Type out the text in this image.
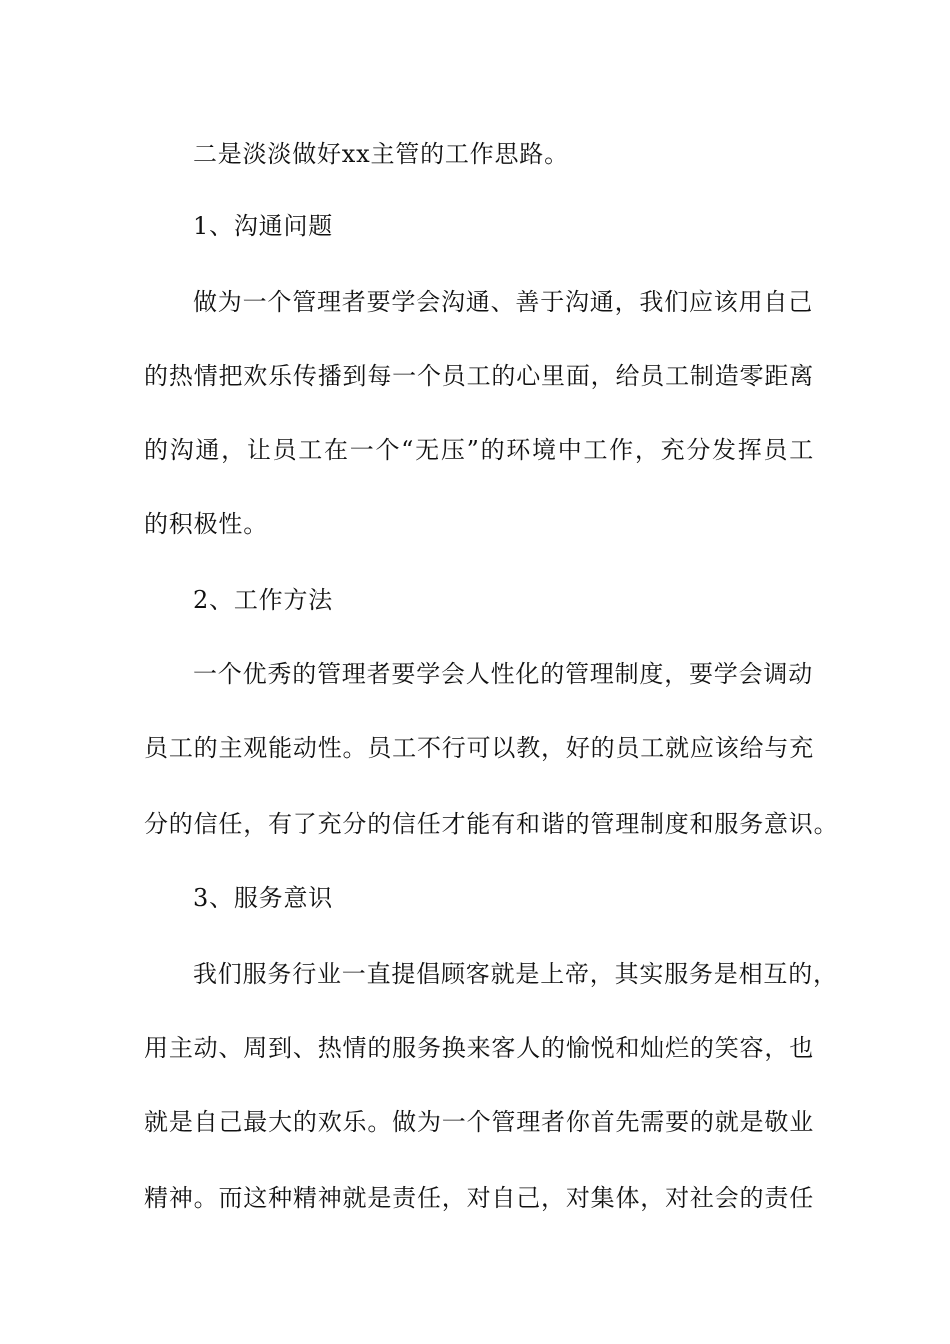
二是淡淡做好xx主管的工作思路。
1、沟通问题
做为一个管理者要学会沟通、善于沟通，我们应该用自己
的热情把欢乐传播到每一个员工的心里面，给员工制造零距离
的沟通，让员工在一个“无压”的环境中工作，充分发挥员工
的积极性。
2、工作方法
一个优秀的管理者要学会人性化的管理制度，要学会调动
员工的主观能动性。员工不行可以教，好的员工就应该给与充
分的信任，有了充分的信任才能有和谐的管理制度和服务意识。
3、服务意识
我们服务行业一直提倡顾客就是上帝，其实服务是相互的，
用主动、周到、热情的服务换来客人的愉悦和灿烂的笑容，也
就是自己最大的欢乐。做为一个管理者你首先需要的就是敬业
精神。而这种精神就是责任，对自己，对集体，对社会的责任
